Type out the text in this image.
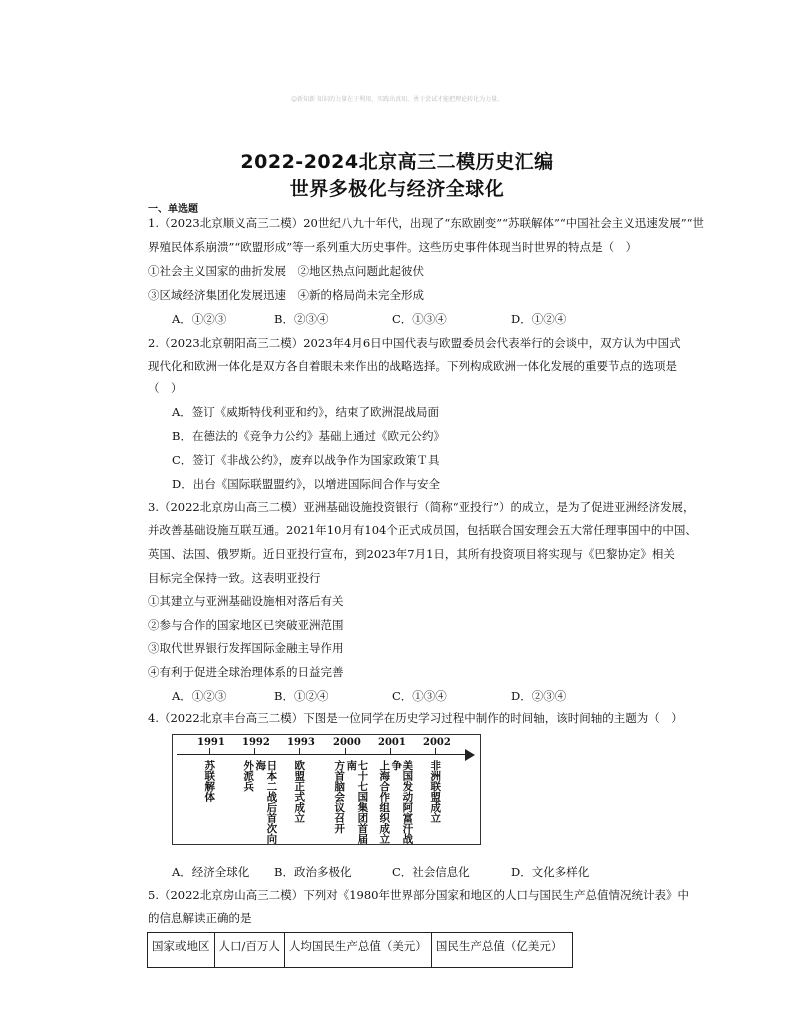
☺新知新 知识的力量在于利用，实践出真知，勇于尝试才能把理论转化为力量。
2022-2024北京高三二模历史汇编
世界多极化与经济全球化
一、单选题
1.（2023北京顺义高三二模）20世纪八九十年代，出现了“东欧剧变”“苏联解体”“中国社会主义迅速发展”“世
界殖民体系崩溃”“欧盟形成”等一系列重大历史事件。这些历史事件体现当时世界的特点是（　）
①社会主义国家的曲折发展　②地区热点问题此起彼伏
③区域经济集团化发展迅速　④新的格局尚未完全形成
A．①②③	B．②③④	C．①③④	D．①②④
2.（2023北京朝阳高三二模）2023年4月6日中国代表与欧盟委员会代表举行的会谈中，双方认为中国式
现代化和欧洲一体化是双方各自着眼未来作出的战略选择。下列构成欧洲一体化发展的重要节点的选项是
（　）
A．签订《威斯特伐利亚和约》，结束了欧洲混战局面
B．在德法的《竞争力公约》基础上通过《欧元公约》
C．签订《非战公约》，废弃以战争作为国家政策Ｔ具
D．出台《国际联盟盟约》，以增进国际间合作与安全
3.（2022北京房山高三二模）亚洲基础设施投资银行（简称“亚投行”）的成立，是为了促进亚洲经济发展，
并改善基础设施互联互通。2021年10月有104个正式成员国，包括联合国安理会五大常任理事国中的中国、
英国、法国、俄罗斯。近日亚投行宣布，到2023年7月1日，其所有投资项目将实现与《巴黎协定》相关
目标完全保持一致。这表明亚投行
①其建立与亚洲基础设施相对落后有关
②参与合作的国家地区已突破亚洲范围
③取代世界银行发挥国际金融主导作用
④有利于促进全球治理体系的日益完善
A．①②③	B．①②④	C．①③④	D．②③④
4.（2022北京丰台高三二模）下图是一位同学在历史学习过程中制作的时间轴，该时间轴的主题为（　）
1991 1992 1993 2000 2001 2002
苏联解体	外派兵	日本二战后首次向海	欧盟正式成立	方首脑会议召开	七十七国集团首届南	上海合作组织成立	美国发动阿富汗战争	非洲联盟成立
A．经济全球化 B．政治多极化	C．社会信息化	D．文化多样化
5.（2022北京房山高三二模）下列对《1980年世界部分国家和地区的人口与国民生产总值情况统计表》中
的信息解读正确的是
国家或地区	人口/百万人	人均国民生产总值（美元）	国民生产总值（亿美元）
